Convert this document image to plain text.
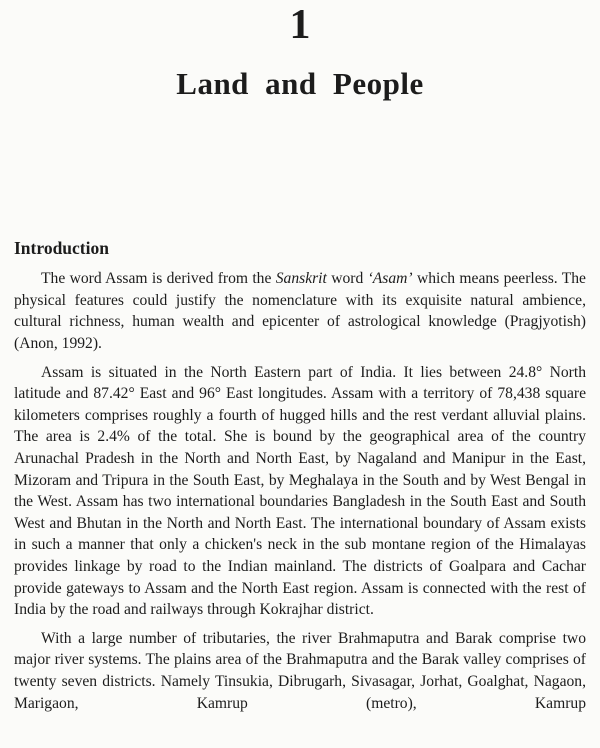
1
Land and People
Introduction

The word Assam is derived from the Sanskrit word ‘Asam’ which means peerless. The physical features could justify the nomenclature with its exquisite natural ambience, cultural richness, human wealth and epicenter of astrological knowledge (Pragjyotish) (Anon, 1992).

Assam is situated in the North Eastern part of India. It lies between 24.8° North latitude and 87.42° East and 96° East longitudes. Assam with a territory of 78,438 square kilometers comprises roughly a fourth of hugged hills and the rest verdant alluvial plains. The area is 2.4% of the total. She is bound by the geographical area of the country Arunachal Pradesh in the North and North East, by Nagaland and Manipur in the East, Mizoram and Tripura in the South East, by Meghalaya in the South and by West Bengal in the West. Assam has two international boundaries Bangladesh in the South East and South West and Bhutan in the North and North East. The international boundary of Assam exists in such a manner that only a chicken's neck in the sub montane region of the Himalayas provides linkage by road to the Indian mainland. The districts of Goalpara and Cachar provide gateways to Assam and the North East region. Assam is connected with the rest of India by the road and railways through Kokrajhar district.

With a large number of tributaries, the river Brahmaputra and Barak comprise two major river systems. The plains area of the Brahmaputra and the Barak valley comprises of twenty seven districts. Namely Tinsukia, Dibrugarh, Sivasagar, Jorhat, Goalghat, Nagaon, Marigaon, Kamrup (metro), Kamrup
